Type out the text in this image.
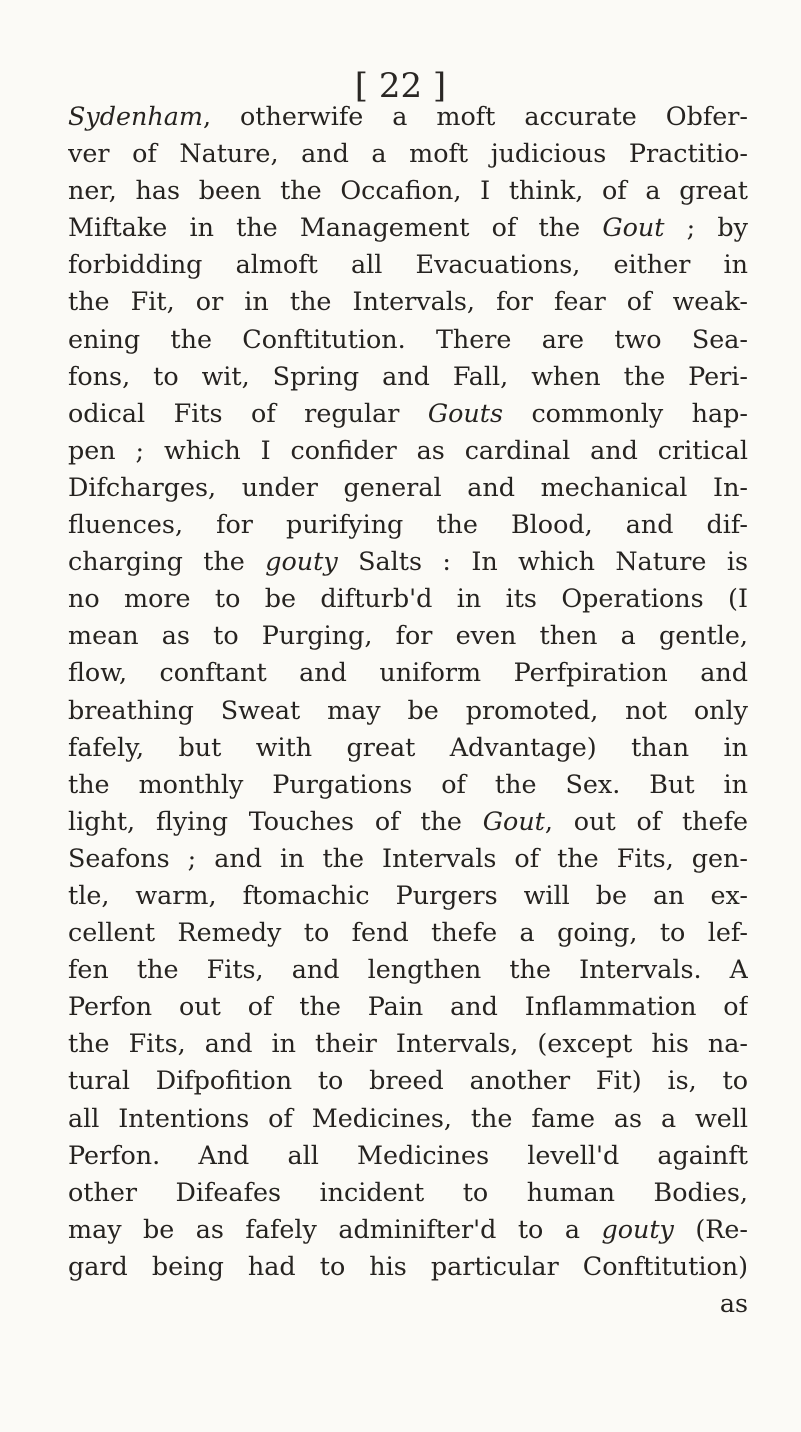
[ 22 ]
Sydenham, otherwife a moft accurate Obfer-
ver of Nature, and a moft judicious Practitio-
ner, has been the Occafion, I think, of a great
Miftake in the Management of the Gout ; by
forbidding almoft all Evacuations, either in
the Fit, or in the Intervals, for fear of weak-
ening the Conftitution. There are two Sea-
fons, to wit, Spring and Fall, when the Peri-
odical Fits of regular Gouts commonly hap-
pen ; which I confider as cardinal and critical
Difcharges, under general and mechanical In-
fluences, for purifying the Blood, and dif-
charging the gouty Salts : In which Nature is
no more to be difturb'd in its Operations (I
mean as to Purging, for even then a gentle,
flow, conftant and uniform Perfpiration and
breathing Sweat may be promoted, not only
fafely, but with great Advantage) than in
the monthly Purgations of the Sex. But in
light, flying Touches of the Gout, out of thefe
Seafons ; and in the Intervals of the Fits, gen-
tle, warm, ftomachic Purgers will be an ex-
cellent Remedy to fend thefe a going, to lef-
fen the Fits, and lengthen the Intervals. A
Perfon out of the Pain and Inflammation of
the Fits, and in their Intervals, (except his na-
tural Difpofition to breed another Fit) is, to
all Intentions of Medicines, the fame as a well
Perfon. And all Medicines levell'd againft
other Difeafes incident to human Bodies,
may be as fafely adminifter'd to a gouty (Re-
gard being had to his particular Conftitution)
as
